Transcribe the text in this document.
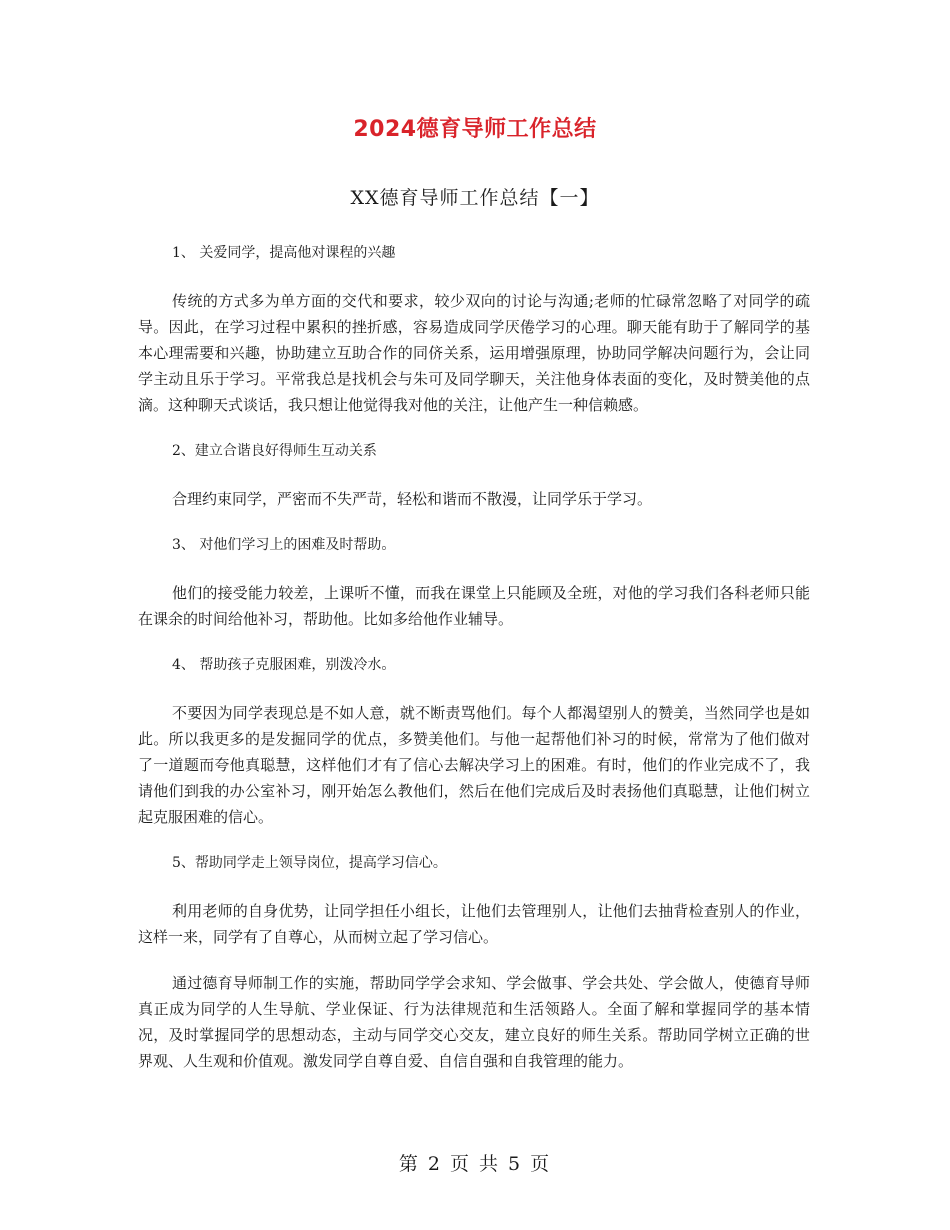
2024德育导师工作总结
XX德育导师工作总结【一】
1、 关爱同学，提高他对课程的兴趣

传统的方式多为单方面的交代和要求，较少双向的讨论与沟通;老师的忙碌常忽略了对同学的疏导。因此，在学习过程中累积的挫折感，容易造成同学厌倦学习的心理。聊天能有助于了解同学的基本心理需要和兴趣，协助建立互助合作的同侪关系，运用增强原理，协助同学解决问题行为，会让同学主动且乐于学习。平常我总是找机会与朱可及同学聊天，关注他身体表面的变化，及时赞美他的点滴。这种聊天式谈话，我只想让他觉得我对他的关注，让他产生一种信赖感。

2、建立合谐良好得师生互动关系

合理约束同学，严密而不失严苛，轻松和谐而不散漫，让同学乐于学习。

3、 对他们学习上的困难及时帮助。

他们的接受能力较差，上课听不懂，而我在课堂上只能顾及全班，对他的学习我们各科老师只能在课余的时间给他补习，帮助他。比如多给他作业辅导。

4、 帮助孩子克服困难，别泼冷水。

不要因为同学表现总是不如人意，就不断责骂他们。每个人都渴望别人的赞美，当然同学也是如此。所以我更多的是发掘同学的优点，多赞美他们。与他一起帮他们补习的时候，常常为了他们做对了一道题而夸他真聪慧，这样他们才有了信心去解决学习上的困难。有时，他们的作业完成不了，我请他们到我的办公室补习，刚开始怎么教他们，然后在他们完成后及时表扬他们真聪慧，让他们树立起克服困难的信心。

5、帮助同学走上领导岗位，提高学习信心。

利用老师的自身优势，让同学担任小组长，让他们去管理别人，让他们去抽背检查别人的作业，这样一来，同学有了自尊心，从而树立起了学习信心。

通过德育导师制工作的实施，帮助同学学会求知、学会做事、学会共处、学会做人，使德育导师真正成为同学的人生导航、学业保证、行为法律规范和生活领路人。全面了解和掌握同学的基本情况，及时掌握同学的思想动态，主动与同学交心交友，建立良好的师生关系。帮助同学树立正确的世界观、人生观和价值观。激发同学自尊自爱、自信自强和自我管理的能力。

第 2 页 共 5 页
